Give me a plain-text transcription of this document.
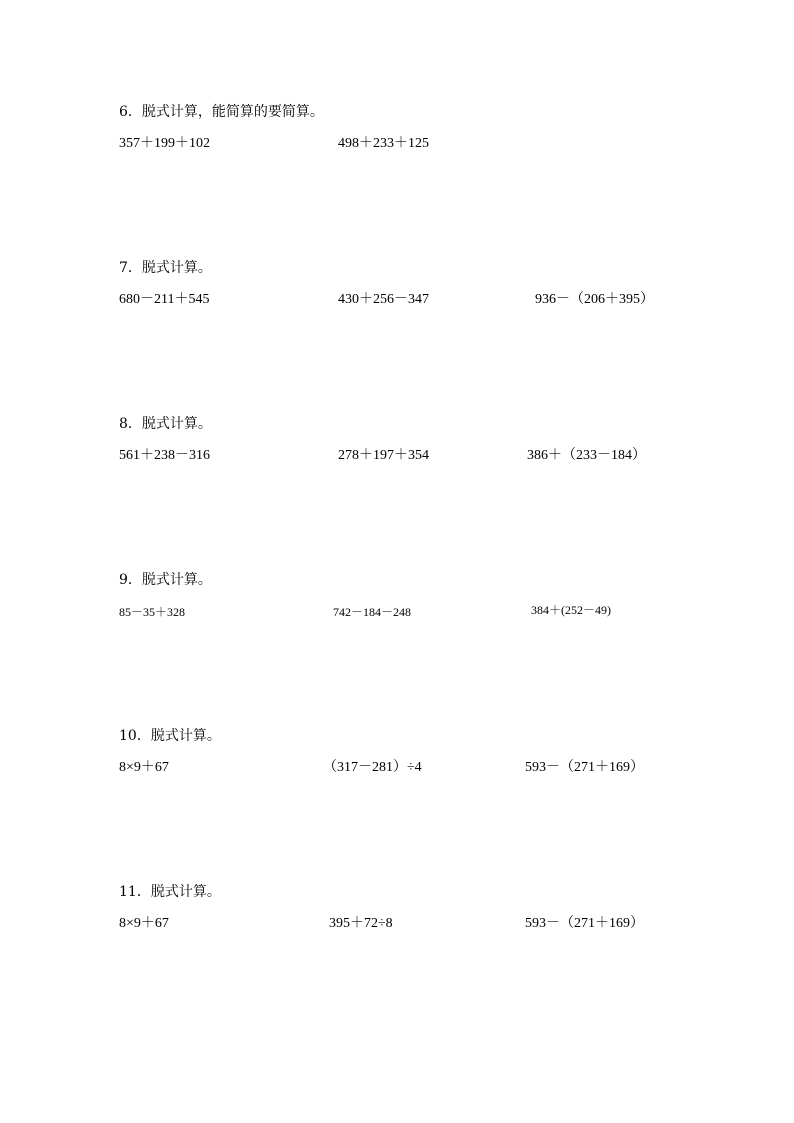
6．脱式计算，能简算的要简算。
357＋199＋102	498＋233＋125
7．脱式计算。
680－211＋545	430＋256－347	936－（206＋395）
8．脱式计算。
561＋238－316	278＋197＋354	386＋（233－184）
9．脱式计算。
85－35＋328	742－184－248	384＋(252－49)
10．脱式计算。
8×9＋67	（317－281）÷4	593－（271＋169）
11．脱式计算。
8×9＋67	395＋72÷8	593－（271＋169）
